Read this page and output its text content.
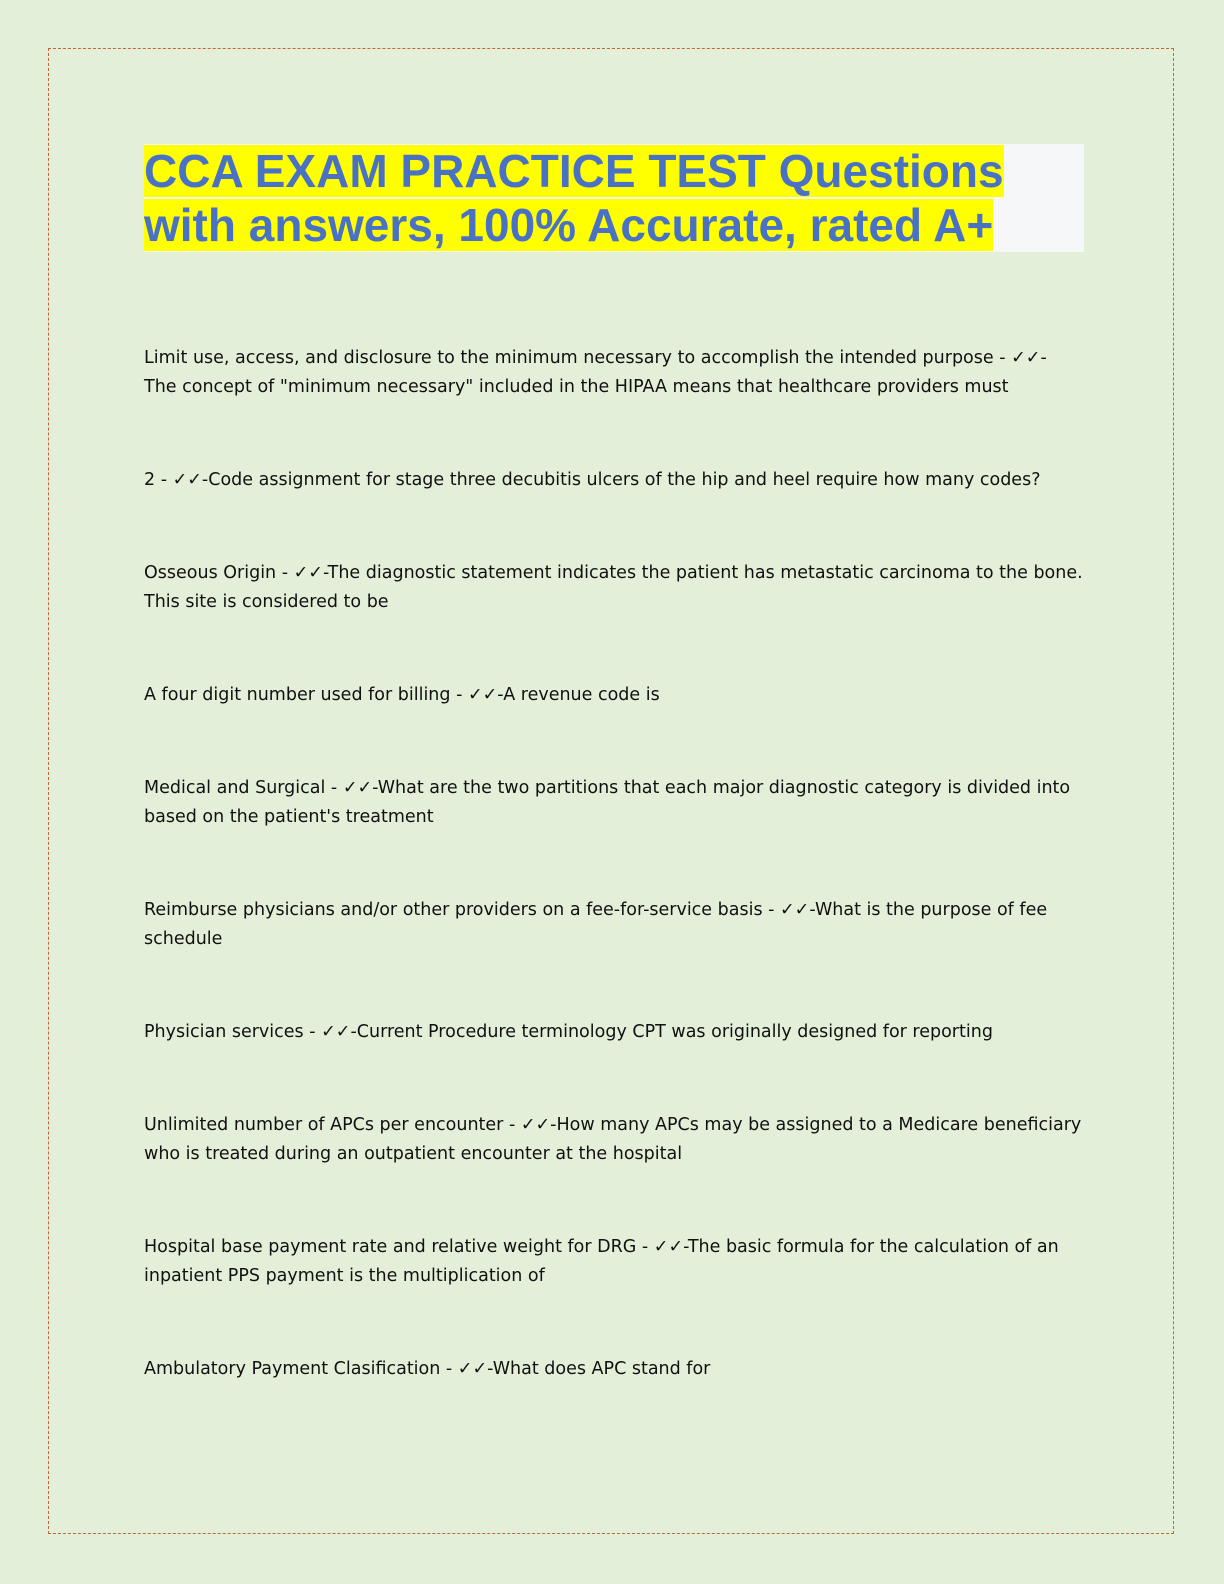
CCA EXAM PRACTICE TEST Questions with answers, 100% Accurate, rated A+

Limit use, access, and disclosure to the minimum necessary to accomplish the intended purpose - ✓✓-
The concept of "minimum necessary" included in the HIPAA means that healthcare providers must

2 - ✓✓-Code assignment for stage three decubitis ulcers of the hip and heel require how many codes?

Osseous Origin - ✓✓-The diagnostic statement indicates the patient has metastatic carcinoma to the bone. This site is considered to be

A four digit number used for billing - ✓✓-A revenue code is

Medical and Surgical - ✓✓-What are the two partitions that each major diagnostic category is divided into based on the patient's treatment

Reimburse physicians and/or other providers on a fee-for-service basis - ✓✓-What is the purpose of fee schedule

Physician services - ✓✓-Current Procedure terminology CPT was originally designed for reporting

Unlimited number of APCs per encounter - ✓✓-How many APCs may be assigned to a Medicare beneficiary who is treated during an outpatient encounter at the hospital

Hospital base payment rate and relative weight for DRG - ✓✓-The basic formula for the calculation of an inpatient PPS payment is the multiplication of

Ambulatory Payment Clasification - ✓✓-What does APC stand for
